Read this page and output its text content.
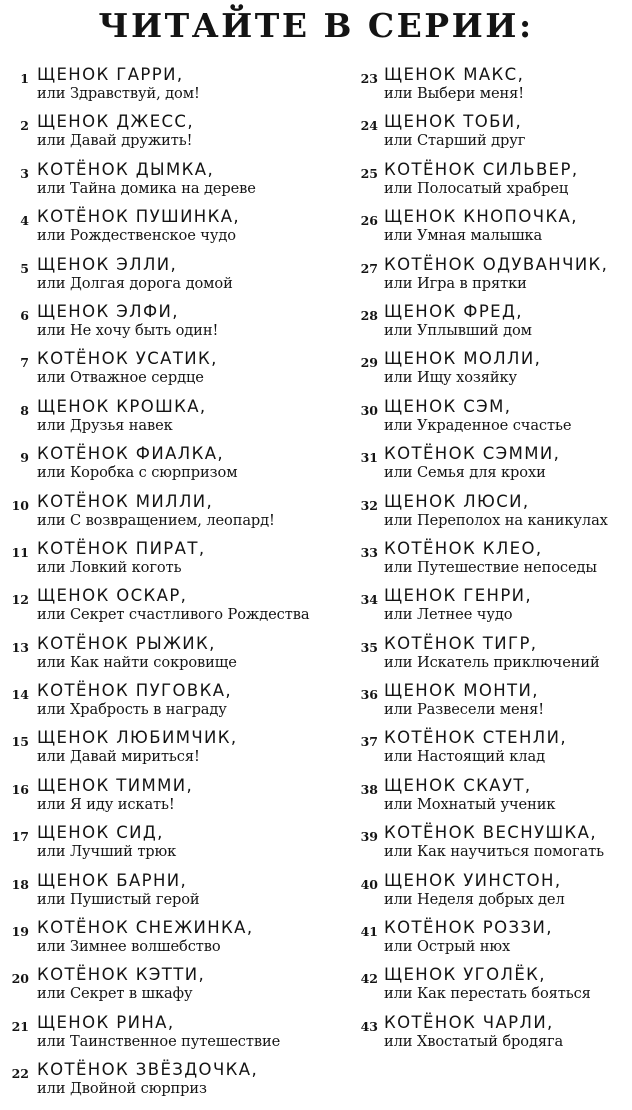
ЧИТАЙТЕ В СЕРИИ:
1 ЩЕНОК ГАРРИ,
или Здравствуй, дом!
2 ЩЕНОК ДЖЕСС,
или Давай дружить!
3 КОТЁНОК ДЫМКА,
или Тайна домика на дереве
4 КОТЁНОК ПУШИНКА,
или Рождественское чудо
5 ЩЕНОК ЭЛЛИ,
или Долгая дорога домой
6 ЩЕНОК ЭЛФИ,
или Не хочу быть один!
7 КОТЁНОК УСАТИК,
или Отважное сердце
8 ЩЕНОК КРОШКА,
или Друзья навек
9 КОТЁНОК ФИАЛКА,
или Коробка с сюрпризом
10 КОТЁНОК МИЛЛИ,
или С возвращением, леопард!
11 КОТЁНОК ПИРАТ,
или Ловкий коготь
12 ЩЕНОК ОСКАР,
или Секрет счастливого Рождества
13 КОТЁНОК РЫЖИК,
или Как найти сокровище
14 КОТЁНОК ПУГОВКА,
или Храбрость в награду
15 ЩЕНОК ЛЮБИМЧИК,
или Давай мириться!
16 ЩЕНОК ТИММИ,
или Я иду искать!
17 ЩЕНОК СИД,
или Лучший трюк
18 ЩЕНОК БАРНИ,
или Пушистый герой
19 КОТЁНОК СНЕЖИНКА,
или Зимнее волшебство
20 КОТЁНОК КЭТТИ,
или Секрет в шкафу
21 ЩЕНОК РИНА,
или Таинственное путешествие
22 КОТЁНОК ЗВЁЗДОЧКА,
или Двойной сюрприз
23 ЩЕНОК МАКС,
или Выбери меня!
24 ЩЕНОК ТОБИ,
или Старший друг
25 КОТЁНОК СИЛЬВЕР,
или Полосатый храбрец
26 ЩЕНОК КНОПОЧКА,
или Умная малышка
27 КОТЁНОК ОДУВАНЧИК,
или Игра в прятки
28 ЩЕНОК ФРЕД,
или Уплывший дом
29 ЩЕНОК МОЛЛИ,
или Ищу хозяйку
30 ЩЕНОК СЭМ,
или Украденное счастье
31 КОТЁНОК СЭММИ,
или Семья для крохи
32 ЩЕНОК ЛЮСИ,
или Переполох на каникулах
33 КОТЁНОК КЛЕО,
или Путешествие непоседы
34 ЩЕНОК ГЕНРИ,
или Летнее чудо
35 КОТЁНОК ТИГР,
или Искатель приключений
36 ЩЕНОК МОНТИ,
или Развесели меня!
37 КОТЁНОК СТЕНЛИ,
или Настоящий клад
38 ЩЕНОК СКАУТ,
или Мохнатый ученик
39 КОТЁНОК ВЕСНУШКА,
или Как научиться помогать
40 ЩЕНОК УИНСТОН,
или Неделя добрых дел
41 КОТЁНОК РОЗЗИ,
или Острый нюх
42 ЩЕНОК УГОЛЁК,
или Как перестать бояться
43 КОТЁНОК ЧАРЛИ,
или Хвостатый бродяга
